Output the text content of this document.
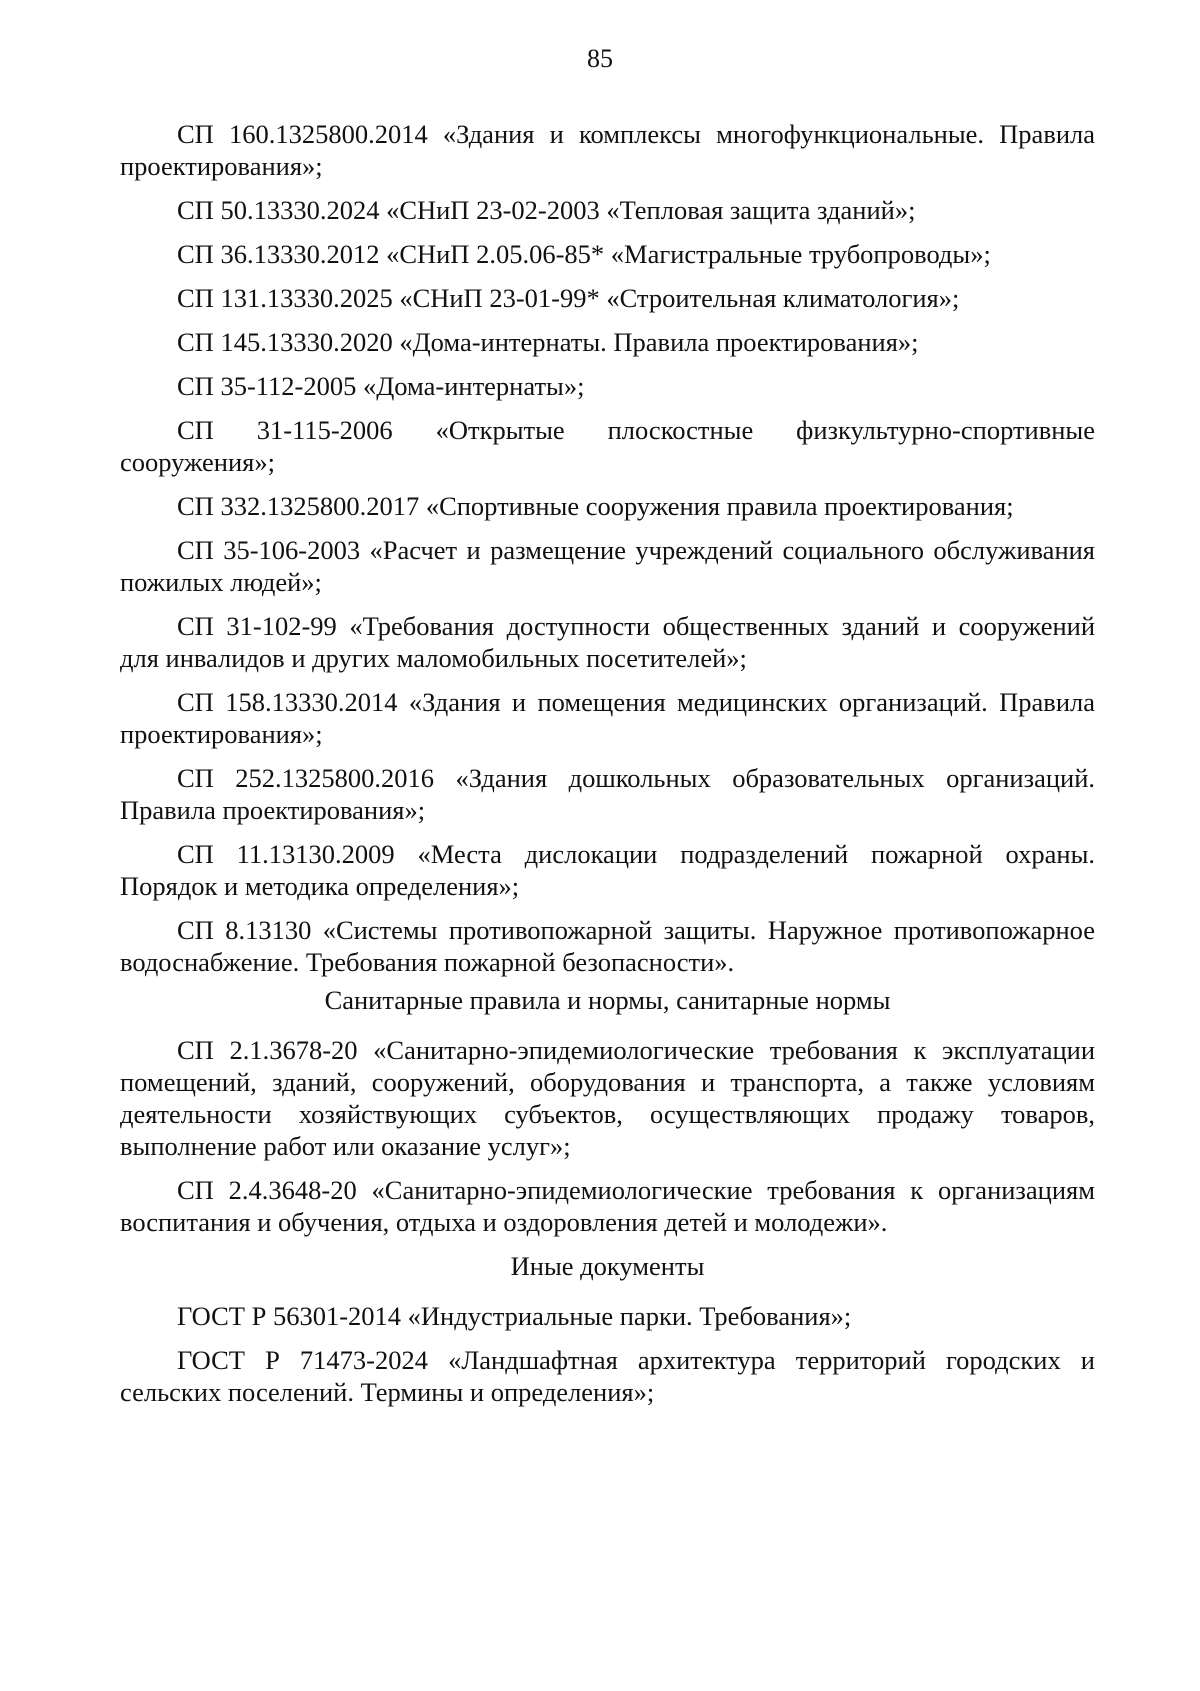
85

СП 160.1325800.2014 «Здания и комплексы многофункциональные. Правила проектирования»;

СП 50.13330.2024 «СНиП 23-02-2003 «Тепловая защита зданий»;

СП 36.13330.2012 «СНиП 2.05.06-85* «Магистральные трубопроводы»;

СП 131.13330.2025 «СНиП 23-01-99* «Строительная климатология»;

СП 145.13330.2020 «Дома-интернаты. Правила проектирования»;

СП 35-112-2005 «Дома-интернаты»;

СП 31-115-2006 «Открытые плоскостные физкультурно-спортивные сооружения»;

СП 332.1325800.2017 «Спортивные сооружения правила проектирования;

СП 35-106-2003 «Расчет и размещение учреждений социального обслуживания пожилых людей»;

СП 31-102-99 «Требования доступности общественных зданий и сооружений для инвалидов и других маломобильных посетителей»;

СП 158.13330.2014 «Здания и помещения медицинских организаций. Правила проектирования»;

СП 252.1325800.2016 «Здания дошкольных образовательных организаций. Правила проектирования»;

СП 11.13130.2009 «Места дислокации подразделений пожарной охраны. Порядок и методика определения»;

СП 8.13130 «Системы противопожарной защиты. Наружное противопожарное водоснабжение. Требования пожарной безопасности».

Санитарные правила и нормы, санитарные нормы

СП 2.1.3678-20 «Санитарно-эпидемиологические требования к эксплуатации помещений, зданий, сооружений, оборудования и транспорта, а также условиям деятельности хозяйствующих субъектов, осуществляющих продажу товаров, выполнение работ или оказание услуг»;

СП 2.4.3648-20 «Санитарно-эпидемиологические требования к организациям воспитания и обучения, отдыха и оздоровления детей и молодежи».

Иные документы

ГОСТ Р 56301-2014 «Индустриальные парки. Требования»;

ГОСТ Р 71473-2024 «Ландшафтная архитектура территорий городских и сельских поселений. Термины и определения»;
